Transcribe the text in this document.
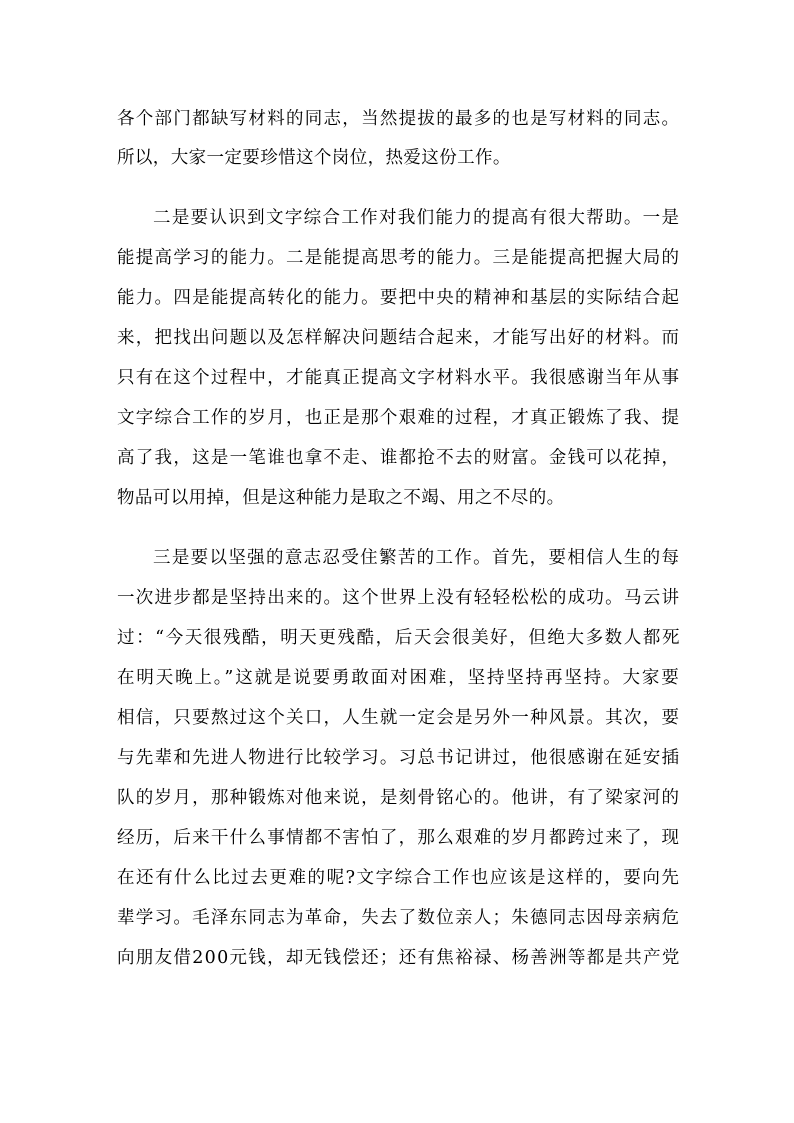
各个部门都缺写材料的同志，当然提拔的最多的也是写材料的同志。
所以，大家一定要珍惜这个岗位，热爱这份工作。
二是要认识到文字综合工作对我们能力的提高有很大帮助。一是
能提高学习的能力。二是能提高思考的能力。三是能提高把握大局的
能力。四是能提高转化的能力。要把中央的精神和基层的实际结合起
来，把找出问题以及怎样解决问题结合起来，才能写出好的材料。而
只有在这个过程中，才能真正提高文字材料水平。我很感谢当年从事
文字综合工作的岁月，也正是那个艰难的过程，才真正锻炼了我、提
高了我，这是一笔谁也拿不走、谁都抢不去的财富。金钱可以花掉，
物品可以用掉，但是这种能力是取之不竭、用之不尽的。
三是要以坚强的意志忍受住繁苦的工作。首先，要相信人生的每
一次进步都是坚持出来的。这个世界上没有轻轻松松的成功。马云讲
过：“今天很残酷，明天更残酷，后天会很美好，但绝大多数人都死
在明天晚上。”这就是说要勇敢面对困难，坚持坚持再坚持。大家要
相信，只要熬过这个关口，人生就一定会是另外一种风景。其次，要
与先辈和先进人物进行比较学习。习总书记讲过，他很感谢在延安插
队的岁月，那种锻炼对他来说，是刻骨铭心的。他讲，有了梁家河的
经历，后来干什么事情都不害怕了，那么艰难的岁月都跨过来了，现
在还有什么比过去更难的呢?文字综合工作也应该是这样的，要向先
辈学习。毛泽东同志为革命，失去了数位亲人；朱德同志因母亲病危
向朋友借200元钱，却无钱偿还；还有焦裕禄、杨善洲等都是共产党
